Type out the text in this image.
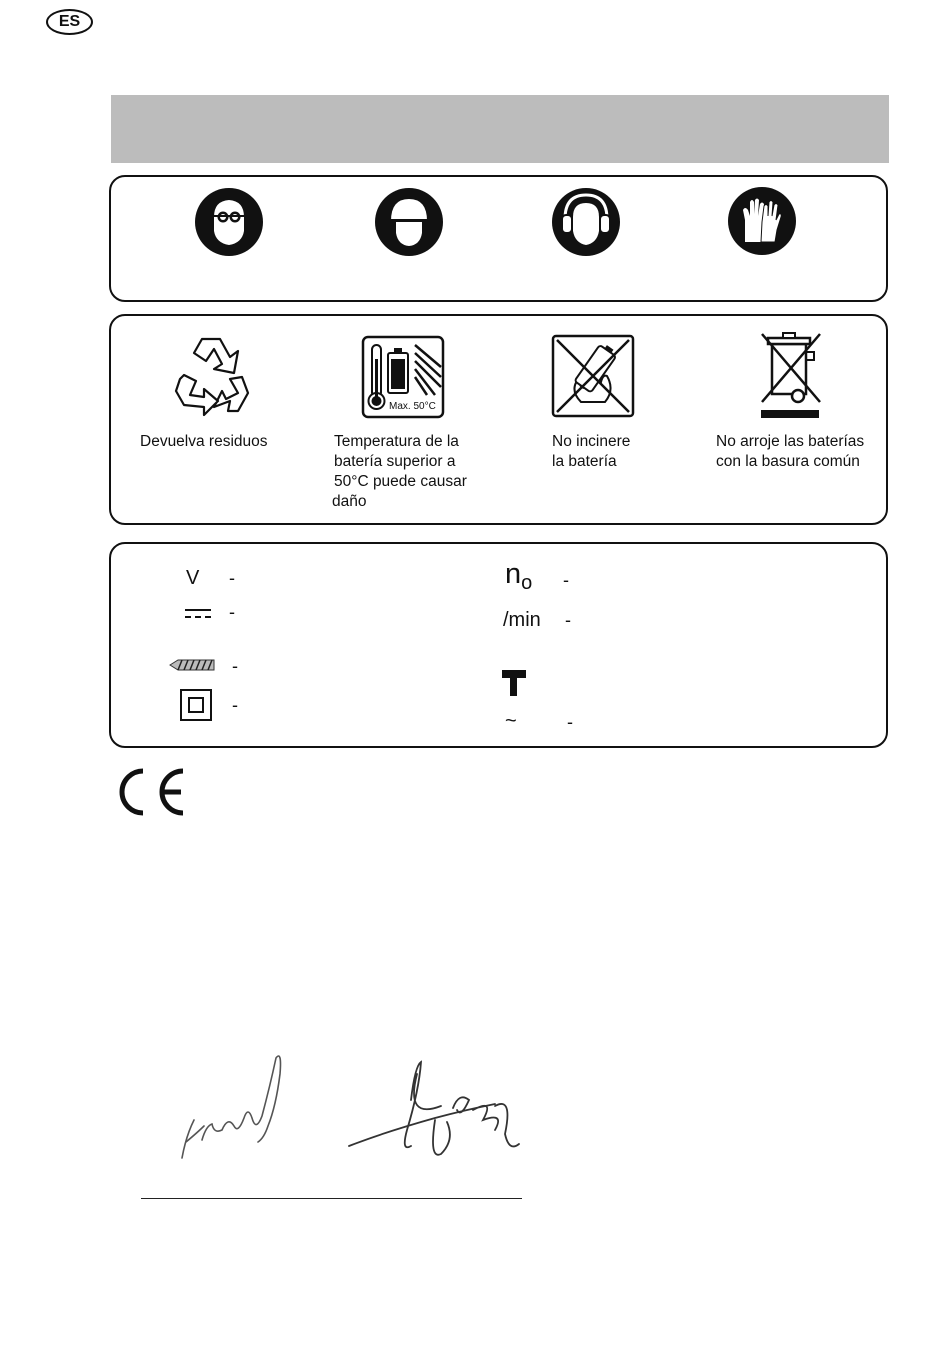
ES
Devuelva residuos
Max. 50°C
Temperatura de la
batería superior a
50°C puede causar
daño
No incinere
la batería
No arroje las baterías
con la basura común
V -
-
-
-
$n_o$ -
/min -
~	-
